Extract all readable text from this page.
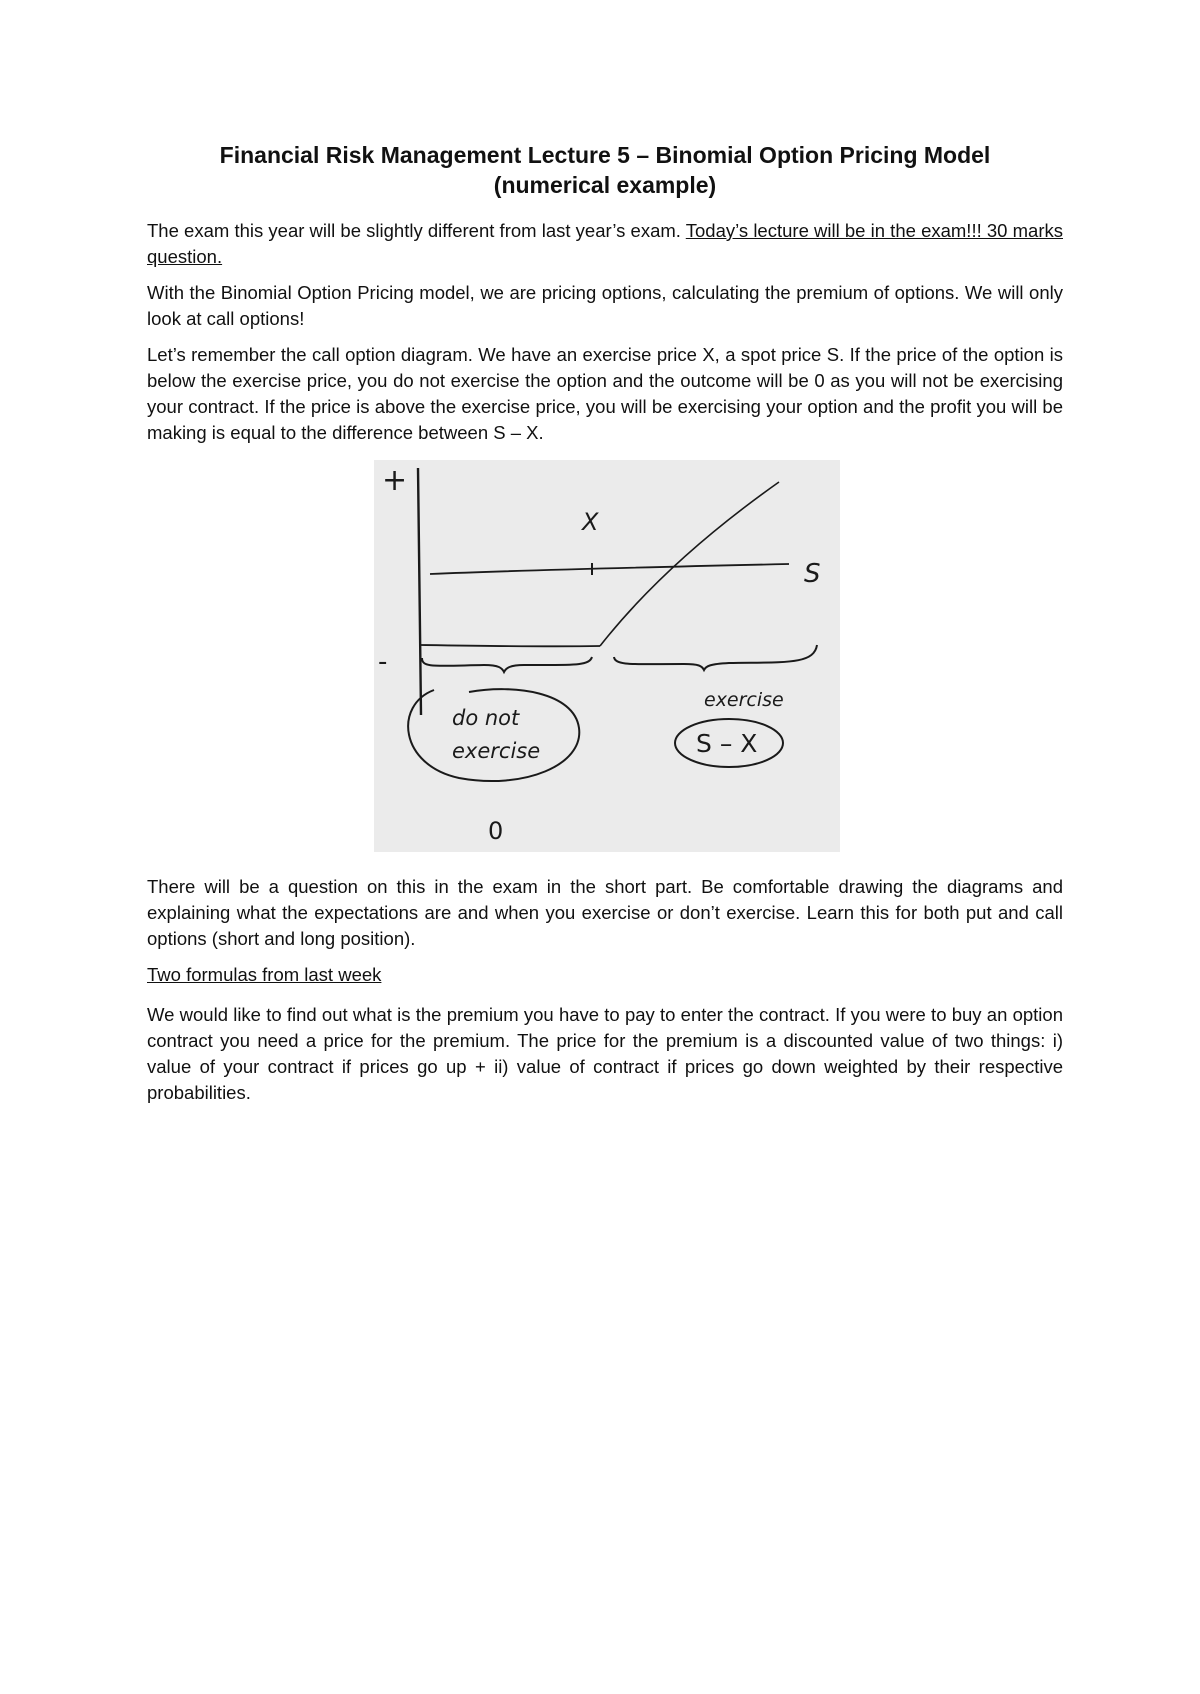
Financial Risk Management Lecture 5 – Binomial Option Pricing Model
(numerical example)

The exam this year will be slightly different from last year’s exam. Today’s lecture will be in the exam!!! 30 marks question.

With the Binomial Option Pricing model, we are pricing options, calculating the premium of options. We will only look at call options!

Let’s remember the call option diagram. We have an exercise price X, a spot price S. If the price of the option is below the exercise price, you do not exercise the option and the outcome will be 0 as you will not be exercising your contract. If the price is above the exercise price, you will be exercising your option and the profit you will be making is equal to the difference between S – X.

+
-
X
S
do not
exercise
exercise
S – X
0

There will be a question on this in the exam in the short part. Be comfortable drawing the diagrams and explaining what the expectations are and when you exercise or don’t exercise. Learn this for both put and call options (short and long position).

Two formulas from last week

We would like to find out what is the premium you have to pay to enter the contract. If you were to buy an option contract you need a price for the premium. The price for the premium is a discounted value of two things: i) value of your contract if prices go up + ii) value of contract if prices go down weighted by their respective probabilities.
